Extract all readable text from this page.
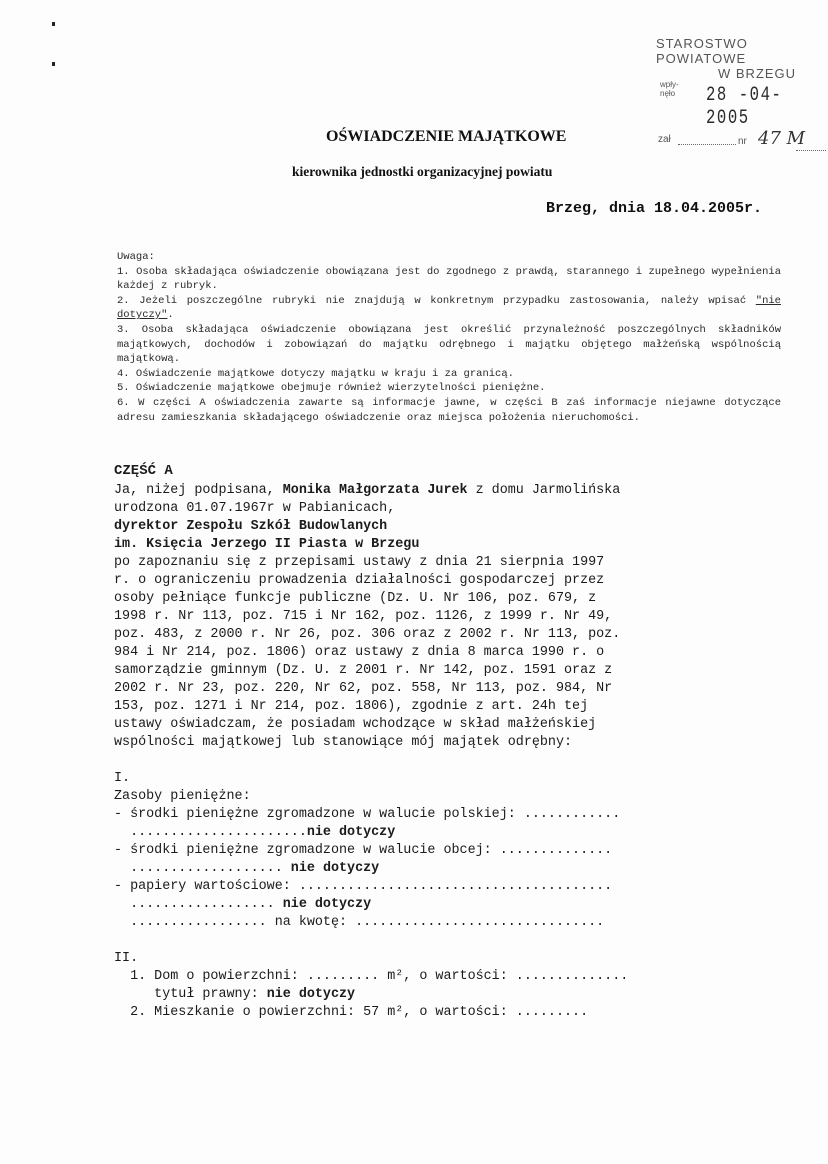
STAROSTWO POWIATOWE
W BRZEGU
wpły-
nęło	28 -04- 2005
zał	nr 47 M
OŚWIADCZENIE MAJĄTKOWE
kierownika jednostki organizacyjnej powiatu
Brzeg, dnia 18.04.2005r.

Uwaga:

1. Osoba składająca oświadczenie obowiązana jest do zgodnego z prawdą, starannego i zupełnego wypełnienia każdej z rubryk.

2. Jeżeli poszczególne rubryki nie znajdują w konkretnym przypadku zastosowania, należy wpisać "nie dotyczy".

3. Osoba składająca oświadczenie obowiązana jest określić przynależność poszczególnych składników majątkowych, dochodów i zobowiązań do majątku odrębnego i majątku objętego małżeńską wspólnością majątkową.

4. Oświadczenie majątkowe dotyczy majątku w kraju i za granicą.

5. Oświadczenie majątkowe obejmuje również wierzytelności pieniężne.

6. W części A oświadczenia zawarte są informacje jawne, w części B zaś informacje niejawne dotyczące adresu zamieszkania składającego oświadczenie oraz miejsca położenia nieruchomości.

CZĘŚĆ A

Ja, niżej podpisana, Monika Małgorzata Jurek z domu Jarmolińska

urodzona 01.07.1967r w Pabianicach,

dyrektor Zespołu Szkół Budowlanych

im. Księcia Jerzego II Piasta w Brzegu

po zapoznaniu się z przepisami ustawy z dnia 21 sierpnia 1997

r. o ograniczeniu prowadzenia działalności gospodarczej przez

osoby pełniące funkcje publiczne (Dz. U. Nr 106, poz. 679, z

1998 r. Nr 113, poz. 715 i Nr 162, poz. 1126, z 1999 r. Nr 49,

poz. 483, z 2000 r. Nr 26, poz. 306 oraz z 2002 r. Nr 113, poz.

984 i Nr 214, poz. 1806) oraz ustawy z dnia 8 marca 1990 r. o

samorządzie gminnym (Dz. U. z 2001 r. Nr 142, poz. 1591 oraz z

2002 r. Nr 23, poz. 220, Nr 62, poz. 558, Nr 113, poz. 984, Nr

153, poz. 1271 i Nr 214, poz. 1806), zgodnie z art. 24h tej

ustawy oświadczam, że posiadam wchodzące w skład małżeńskiej

wspólności majątkowej lub stanowiące mój majątek odrębny:

I.

Zasoby pieniężne:

- środki pieniężne zgromadzone w walucie polskiej: ............

......................nie dotyczy

- środki pieniężne zgromadzone w walucie obcej: ..............

................... nie dotyczy

- papiery wartościowe: .......................................

.................. nie dotyczy

................. na kwotę: ...............................

II.

1. Dom o powierzchni: ......... m², o wartości: ..............

tytuł prawny: nie dotyczy

2. Mieszkanie o powierzchni: 57 m², o wartości: .........
